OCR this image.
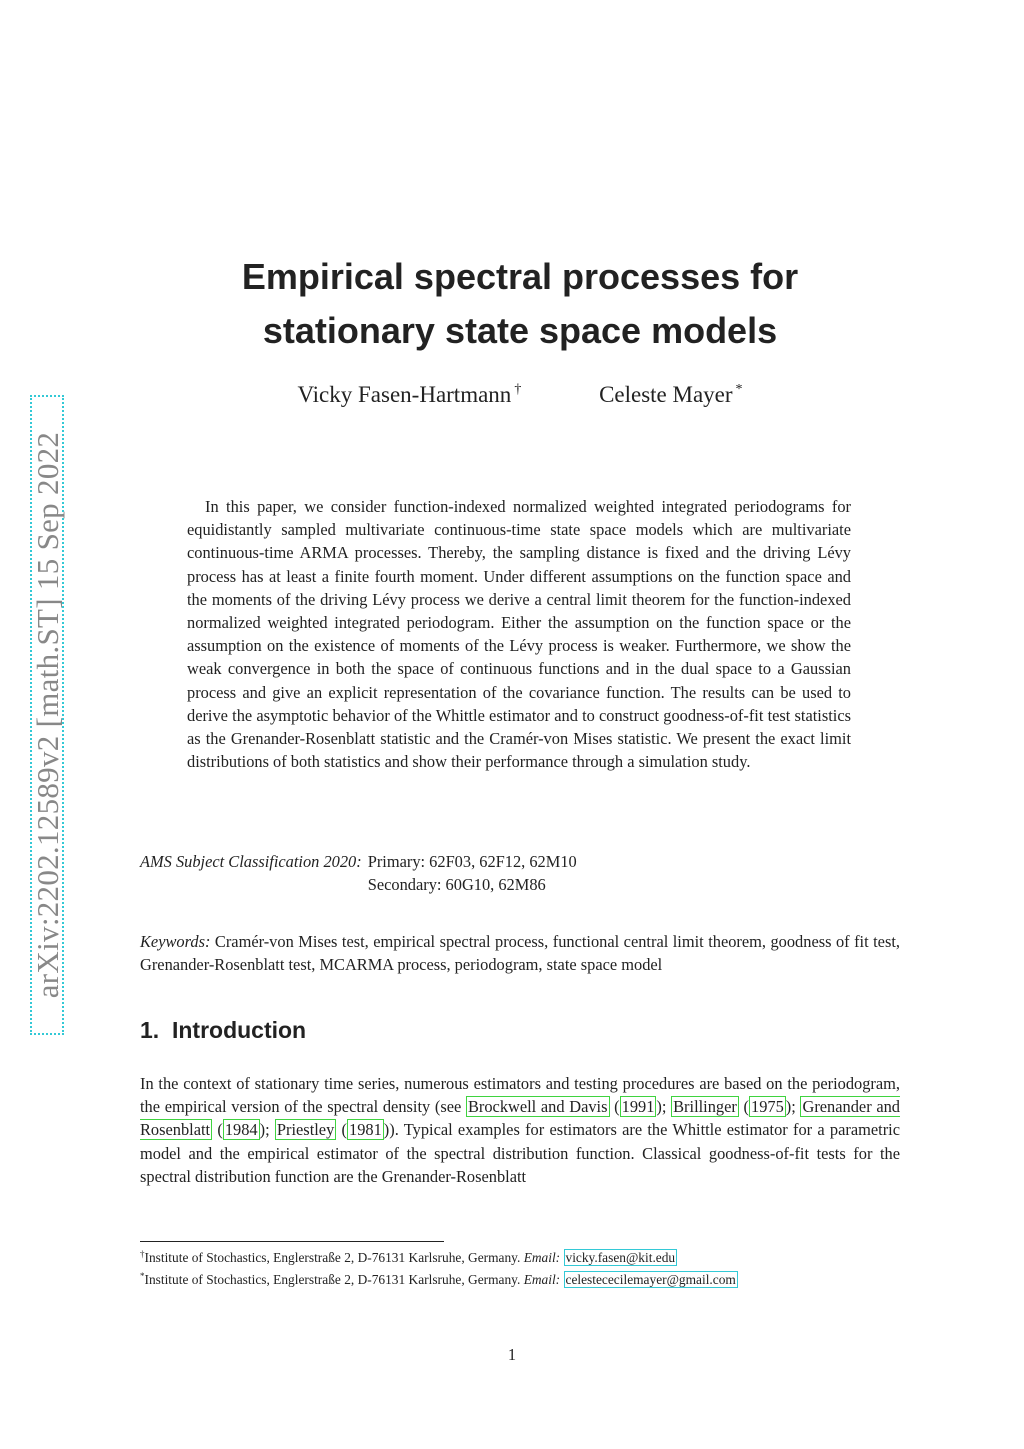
arXiv:2202.12589v2 [math.ST] 15 Sep 2022
Empirical spectral processes for
stationary state space models
Vicky Fasen-Hartmann †	Celeste Mayer *
In this paper, we consider function-indexed normalized weighted integrated periodograms for equidistantly sampled multivariate continuous-time state space models which are multivariate continuous-time ARMA processes. Thereby, the sampling distance is fixed and the driving Lévy process has at least a finite fourth moment. Under different assumptions on the function space and the moments of the driving Lévy process we derive a central limit theorem for the function-indexed normalized weighted integrated periodogram. Either the assumption on the function space or the assumption on the existence of moments of the Lévy process is weaker. Furthermore, we show the weak convergence in both the space of continuous functions and in the dual space to a Gaussian process and give an explicit representation of the covariance function. The results can be used to derive the asymptotic behavior of the Whittle estimator and to construct goodness-of-fit test statistics as the Grenander-Rosenblatt statistic and the Cramér-von Mises statistic. We present the exact limit distributions of both statistics and show their performance through a simulation study.
AMS Subject Classification 2020: Primary: 62F03, 62F12, 62M10
Secondary: 60G10, 62M86
Keywords: Cramér-von Mises test, empirical spectral process, functional central limit theorem, goodness of fit test, Grenander-Rosenblatt test, MCARMA process, periodogram, state space model
1. Introduction
In the context of stationary time series, numerous estimators and testing procedures are based on the periodogram, the empirical version of the spectral density (see Brockwell and Davis ( 1991 ); Brillinger ( 1975 ); Grenander and Rosenblatt ( 1984 ); Priestley ( 1981 )). Typical examples for estimators are the Whittle estimator for a parametric model and the empirical estimator of the spectral distribution function. Classical goodness-of-fit tests for the spectral distribution function are the Grenander-Rosenblatt
†Institute of Stochastics, Englerstraße 2, D-76131 Karlsruhe, Germany. Email: vicky.fasen@kit.edu
*Institute of Stochastics, Englerstraße 2, D-76131 Karlsruhe, Germany. Email: celestececilemayer@gmail.com
1
